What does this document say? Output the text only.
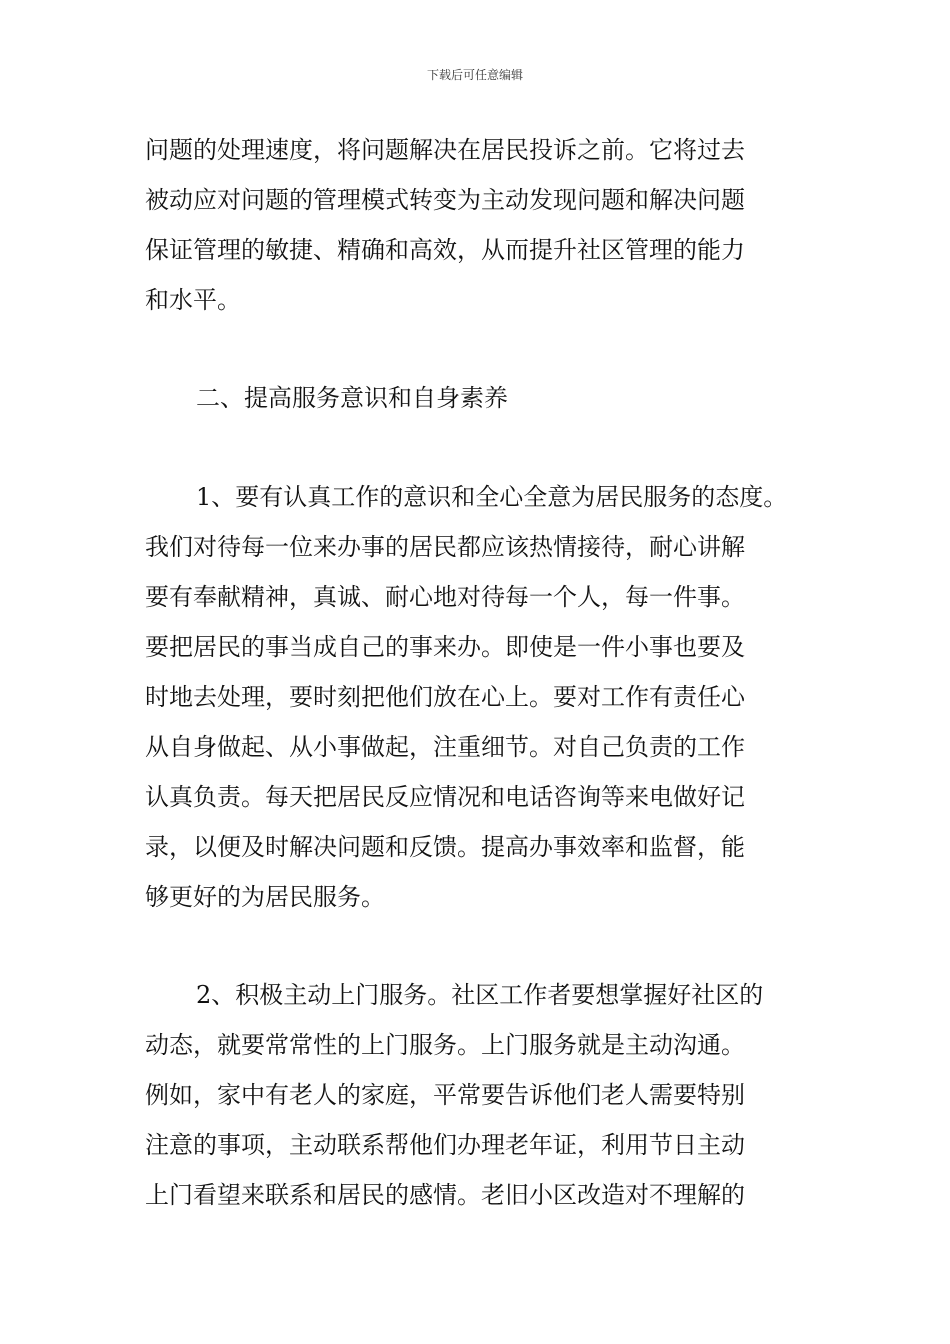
下载后可任意编辑
问题的处理速度，将问题解决在居民投诉之前。它将过去
被动应对问题的管理模式转变为主动发现问题和解决问题
保证管理的敏捷、精确和高效，从而提升社区管理的能力
和水平。
二、提高服务意识和自身素养
1、要有认真工作的意识和全心全意为居民服务的态度。
我们对待每一位来办事的居民都应该热情接待，耐心讲解
要有奉献精神，真诚、耐心地对待每一个人，每一件事。
要把居民的事当成自己的事来办。即使是一件小事也要及
时地去处理，要时刻把他们放在心上。要对工作有责任心
从自身做起、从小事做起，注重细节。对自己负责的工作
认真负责。每天把居民反应情况和电话咨询等来电做好记
录，以便及时解决问题和反馈。提高办事效率和监督，能
够更好的为居民服务。
2、积极主动上门服务。社区工作者要想掌握好社区的
动态，就要常常性的上门服务。上门服务就是主动沟通。
例如，家中有老人的家庭，平常要告诉他们老人需要特别
注意的事项，主动联系帮他们办理老年证，利用节日主动
上门看望来联系和居民的感情。老旧小区改造对不理解的
